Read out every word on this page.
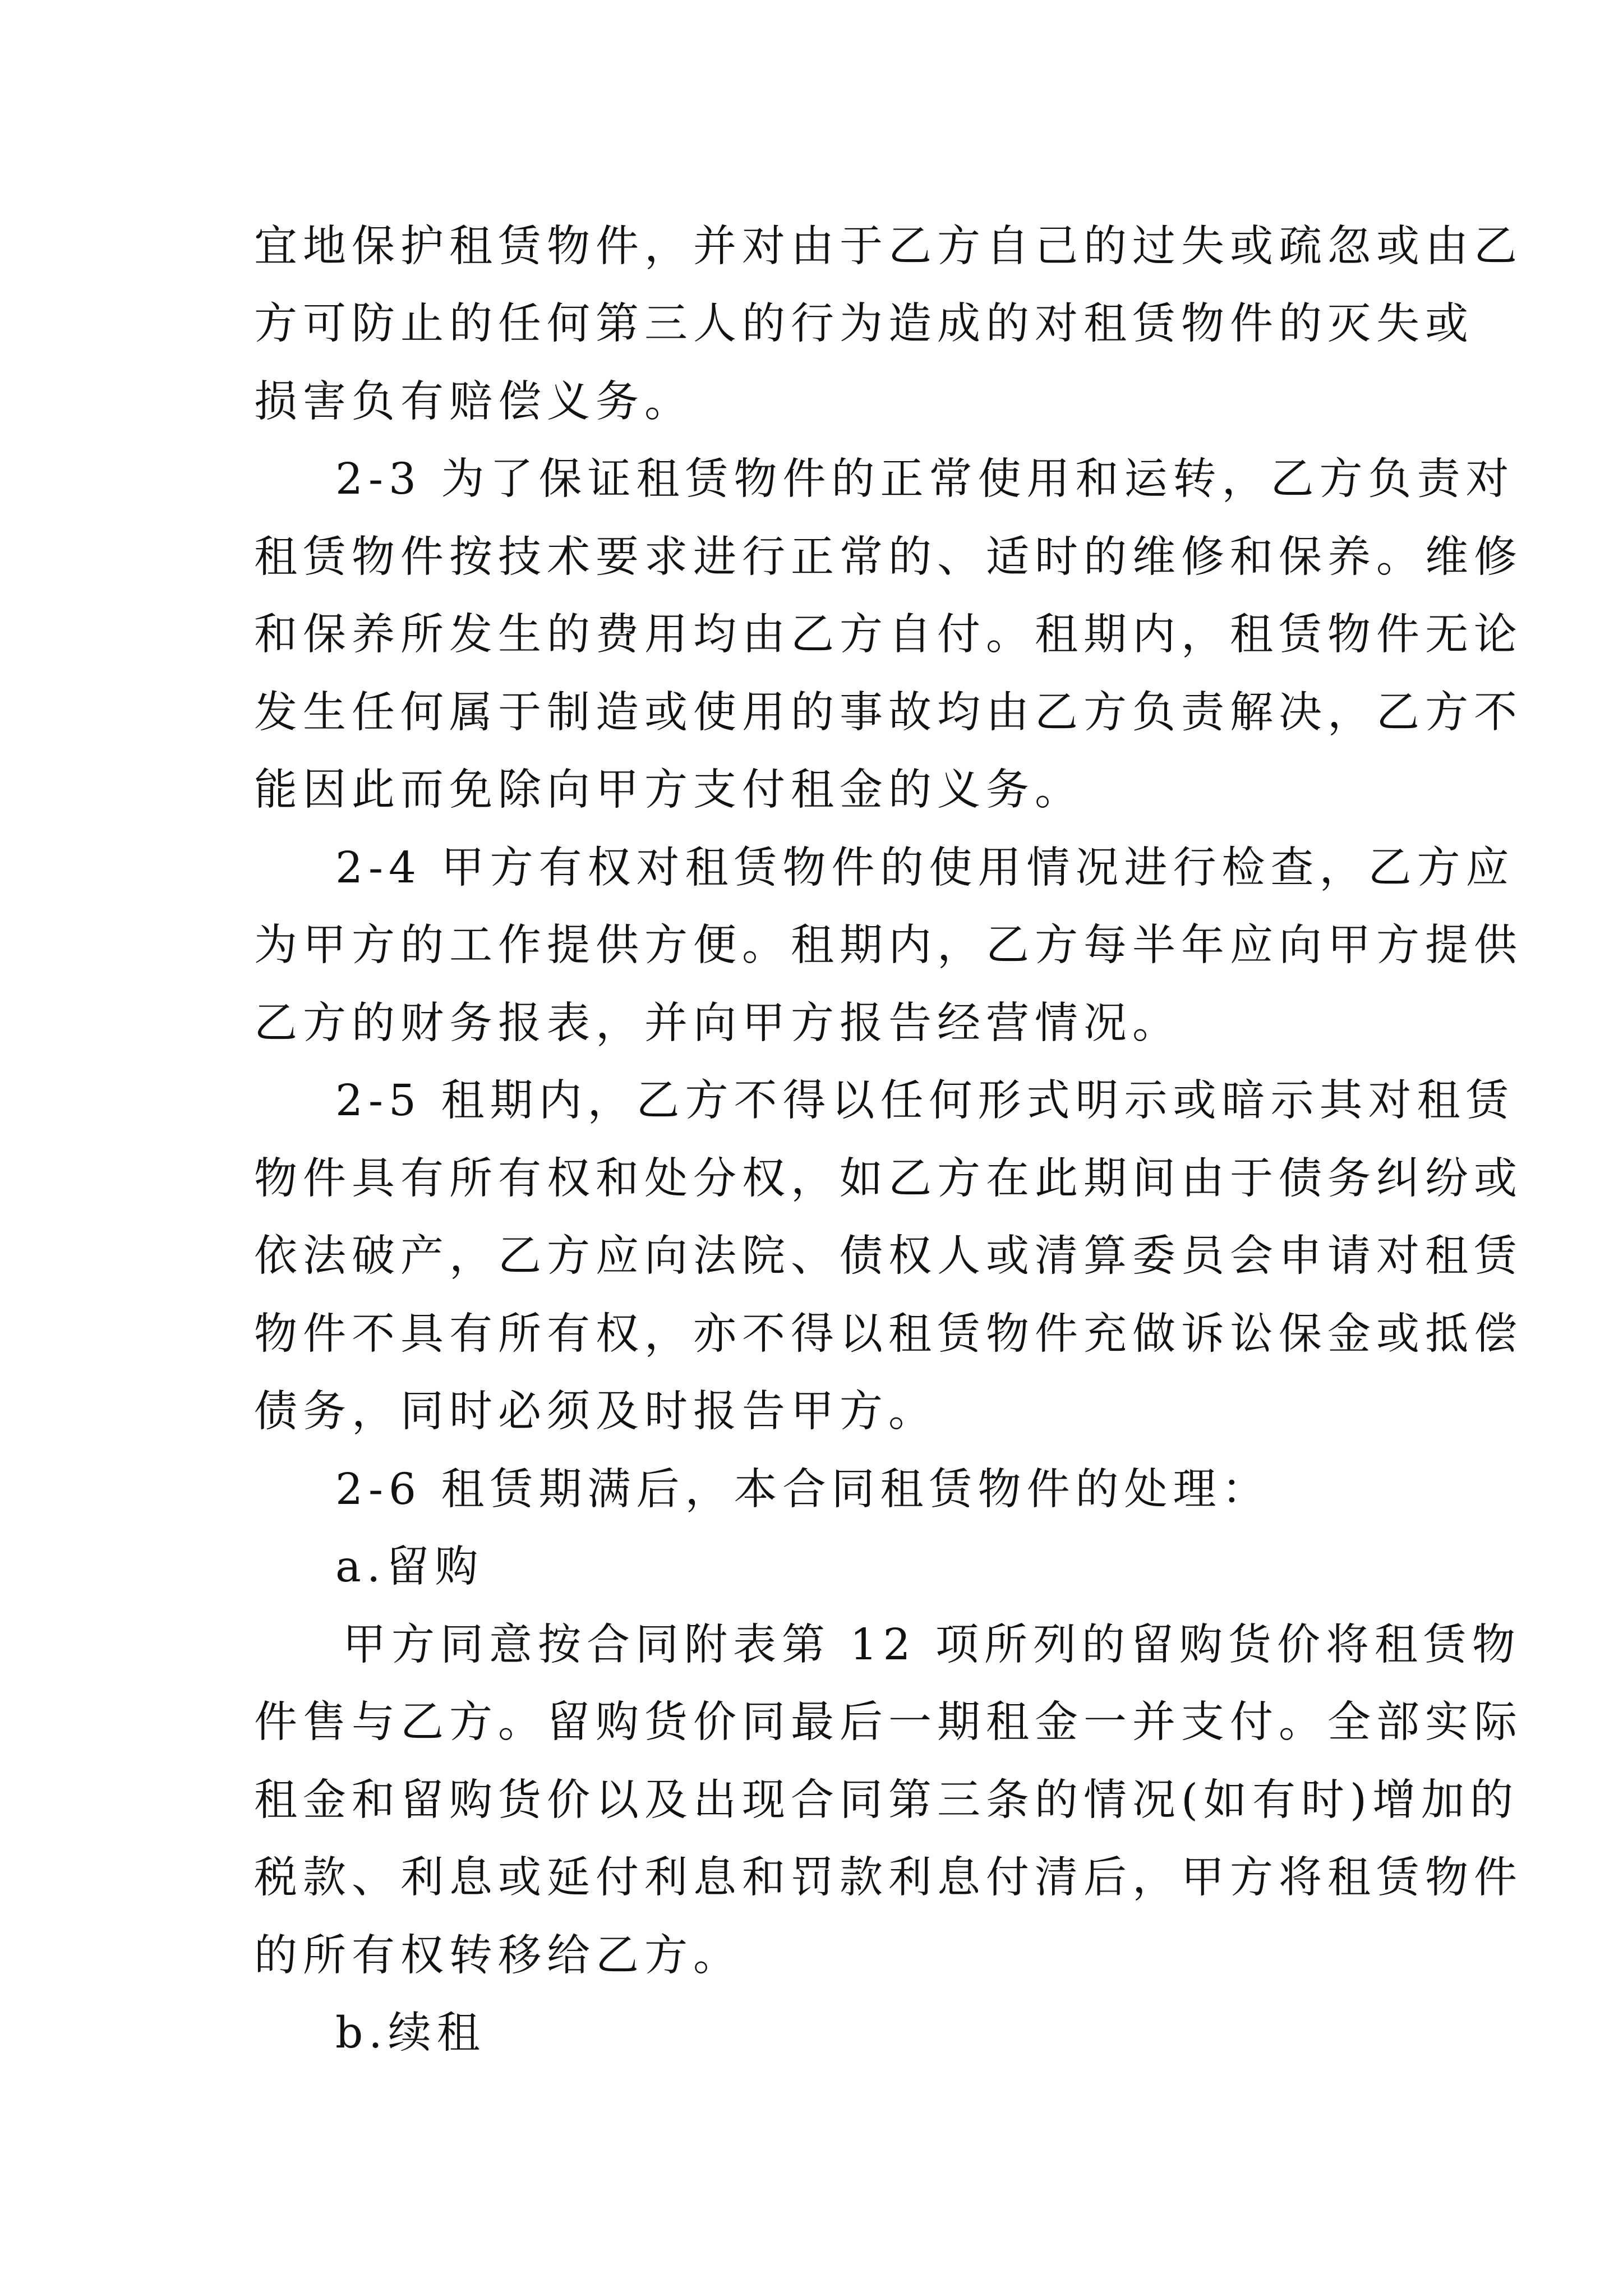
宜地保护租赁物件，并对由于乙方自己的过失或疏忽或由乙
方可防止的任何第三人的行为造成的对租赁物件的灭失或
损害负有赔偿义务。
2-3 为了保证租赁物件的正常使用和运转，乙方负责对
租赁物件按技术要求进行正常的、适时的维修和保养。维修
和保养所发生的费用均由乙方自付。租期内，租赁物件无论
发生任何属于制造或使用的事故均由乙方负责解决，乙方不
能因此而免除向甲方支付租金的义务。
2-4 甲方有权对租赁物件的使用情况进行检查，乙方应
为甲方的工作提供方便。租期内，乙方每半年应向甲方提供
乙方的财务报表，并向甲方报告经营情况。
2-5 租期内，乙方不得以任何形式明示或暗示其对租赁
物件具有所有权和处分权，如乙方在此期间由于债务纠纷或
依法破产，乙方应向法院、债权人或清算委员会申请对租赁
物件不具有所有权，亦不得以租赁物件充做诉讼保金或抵偿
债务，同时必须及时报告甲方。
2-6 租赁期满后，本合同租赁物件的处理：
a.留购
甲方同意按合同附表第 12 项所列的留购货价将租赁物
件售与乙方。留购货价同最后一期租金一并支付。全部实际
租金和留购货价以及出现合同第三条的情况(如有时)增加的
税款、利息或延付利息和罚款利息付清后，甲方将租赁物件
的所有权转移给乙方。
b.续租
